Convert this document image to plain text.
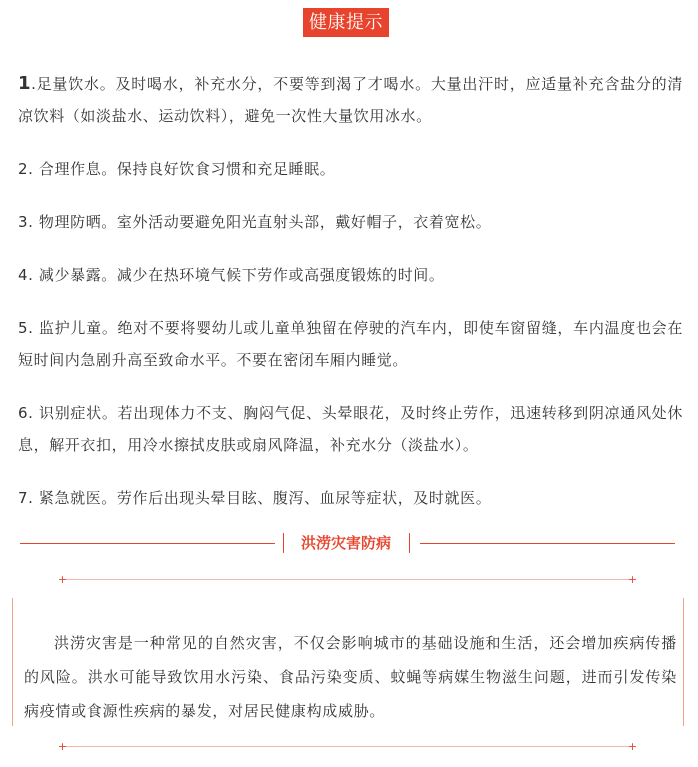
健康提示

1.足量饮水。及时喝水，补充水分，不要等到渴了才喝水。大量出汗时，应适量补充含盐分的清凉饮料（如淡盐水、运动饮料），避免一次性大量饮用冰水。

2. 合理作息。保持良好饮食习惯和充足睡眠。

3. 物理防晒。室外活动要避免阳光直射头部，戴好帽子，衣着宽松。

4. 减少暴露。减少在热环境气候下劳作或高强度锻炼的时间。

5. 监护儿童。绝对不要将婴幼儿或儿童单独留在停驶的汽车内，即使车窗留缝，车内温度也会在短时间内急剧升高至致命水平。不要在密闭车厢内睡觉。

6. 识别症状。若出现体力不支、胸闷气促、头晕眼花，及时终止劳作，迅速转移到阴凉通风处休息，解开衣扣，用冷水擦拭皮肤或扇风降温，补充水分（淡盐水）。

7. 紧急就医。劳作后出现头晕目眩、腹泻、血尿等症状，及时就医。

洪涝灾害防病
+	+

洪涝灾害是一种常见的自然灾害，不仅会影响城市的基础设施和生活，还会增加疾病传播的风险。洪水可能导致饮用水污染、食品污染变质、蚊蝇等病媒生物滋生问题，进而引发传染病疫情或食源性疾病的暴发，对居民健康构成威胁。

+	+
